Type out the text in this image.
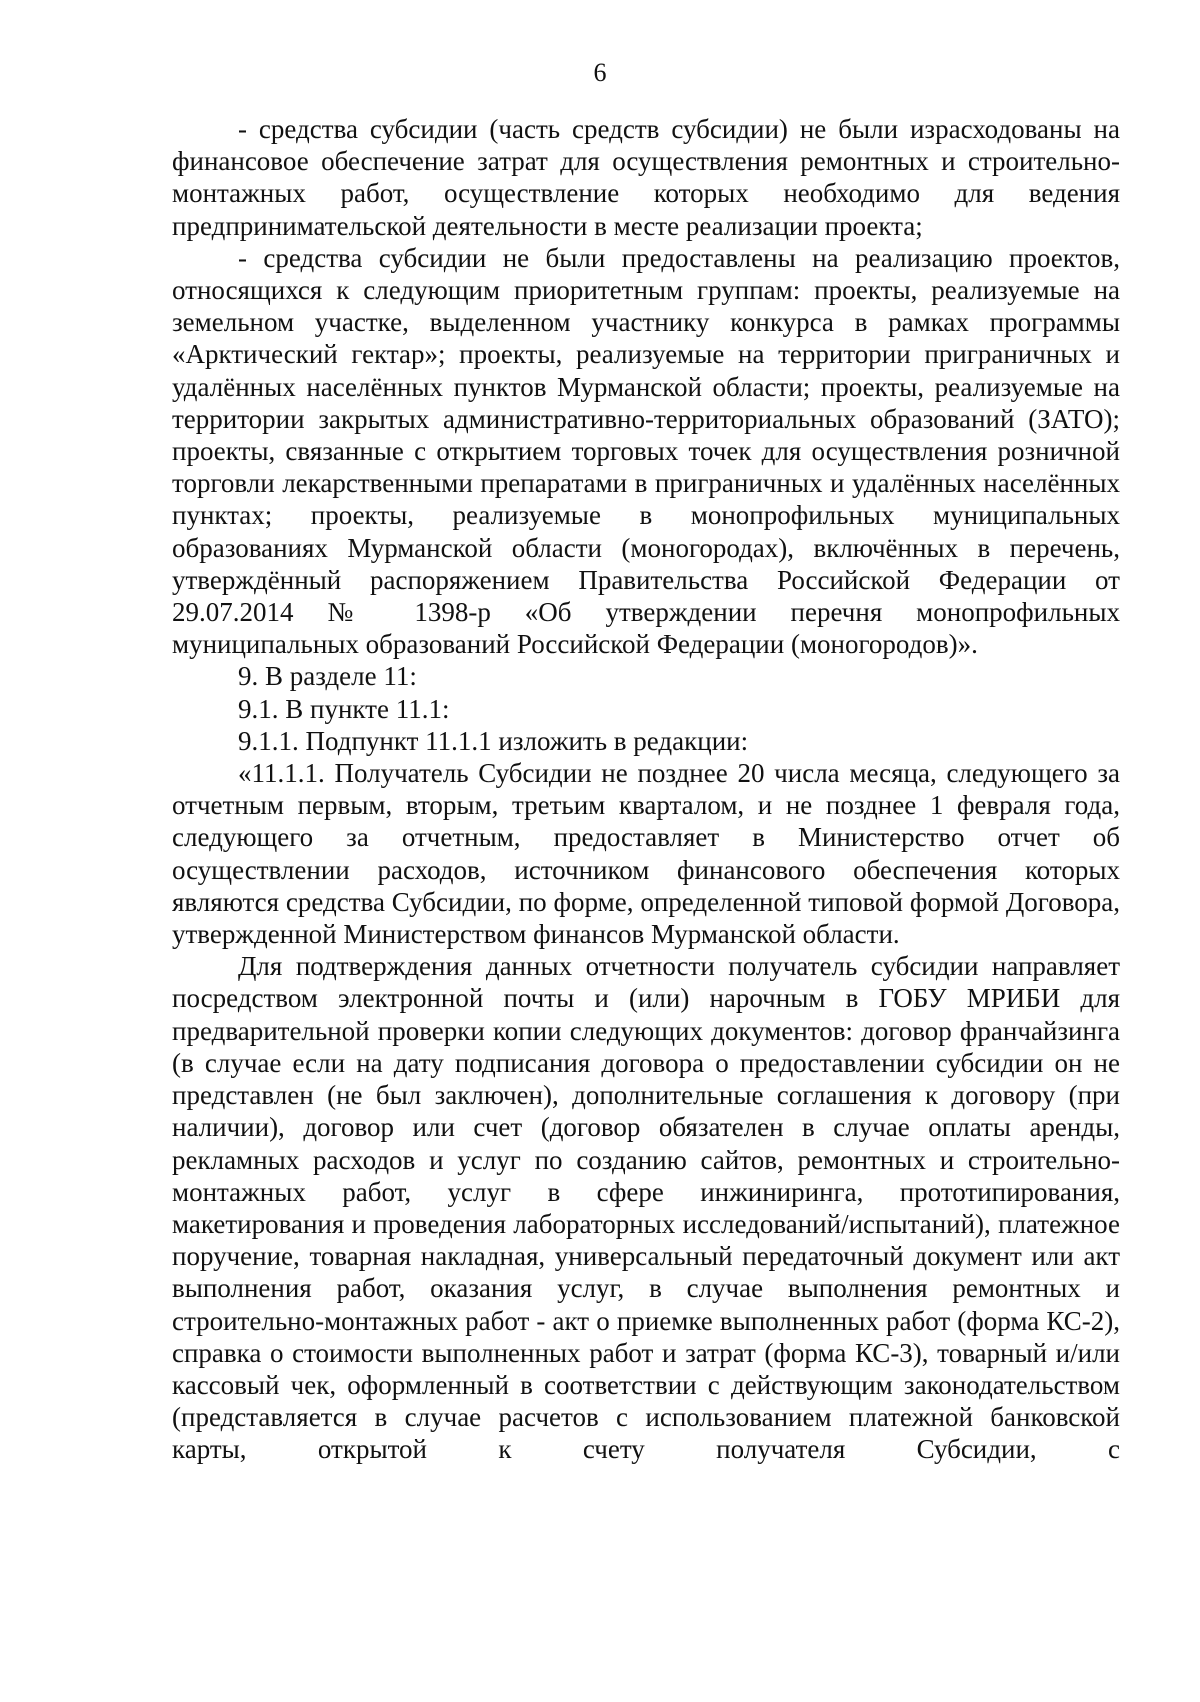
6

- средства субсидии (часть средств субсидии) не были израсходованы на финансовое обеспечение затрат для осуществления ремонтных и строительно-монтажных работ, осуществление которых необходимо для ведения предпринимательской деятельности в месте реализации проекта;

- средства субсидии не были предоставлены на реализацию проектов, относящихся к следующим приоритетным группам: проекты, реализуемые на земельном участке, выделенном участнику конкурса в рамках программы «Арктический гектар»; проекты, реализуемые на территории приграничных и удалённых населённых пунктов Мурманской области; проекты, реализуемые на территории закрытых административно-территориальных образований (ЗАТО); проекты, связанные с открытием торговых точек для осуществления розничной торговли лекарственными препаратами в приграничных и удалённых населённых пунктах; проекты, реализуемые в монопрофильных муниципальных образованиях Мурманской области (моногородах), включённых в перечень, утверждённый распоряжением Правительства Российской Федерации от 29.07.2014 № 1398-р «Об утверждении перечня монопрофильных муниципальных образований Российской Федерации (моногородов)».

9. В разделе 11:

9.1. В пункте 11.1:

9.1.1. Подпункт 11.1.1 изложить в редакции:

«11.1.1. Получатель Субсидии не позднее 20 числа месяца, следующего за отчетным первым, вторым, третьим кварталом, и не позднее 1 февраля года, следующего за отчетным, предоставляет в Министерство отчет об осуществлении расходов, источником финансового обеспечения которых являются средства Субсидии, по форме, определенной типовой формой Договора, утвержденной Министерством финансов Мурманской области.

Для подтверждения данных отчетности получатель субсидии направляет посредством электронной почты и (или) нарочным в ГОБУ МРИБИ для предварительной проверки копии следующих документов: договор франчайзинга (в случае если на дату подписания договора о предоставлении субсидии он не представлен (не был заключен), дополнительные соглашения к договору (при наличии), договор или счет (договор обязателен в случае оплаты аренды, рекламных расходов и услуг по созданию сайтов, ремонтных и строительно-монтажных работ, услуг в сфере инжиниринга, прототипирования, макетирования и проведения лабораторных исследований/испытаний), платежное поручение, товарная накладная, универсальный передаточный документ или акт выполнения работ, оказания услуг, в случае выполнения ремонтных и строительно-монтажных работ - акт о приемке выполненных работ (форма КС-2), справка о стоимости выполненных работ и затрат (форма КС-3), товарный и/или кассовый чек, оформленный в соответствии с действующим законодательством (представляется в случае расчетов с использованием платежной банковской карты, открытой к счету получателя Субсидии, с
